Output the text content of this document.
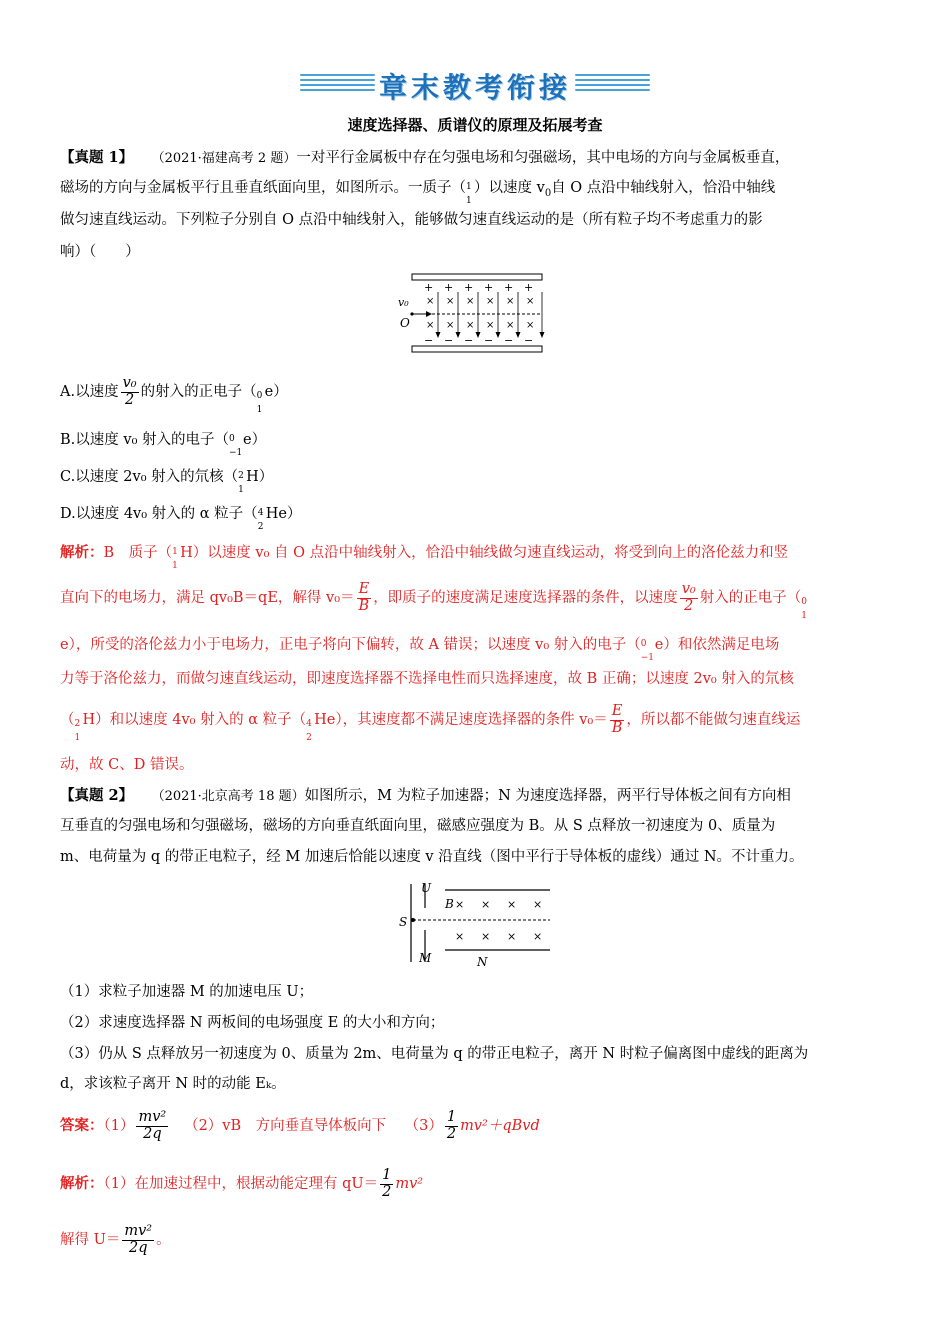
章末教考衔接
速度选择器、质谱仪的原理及拓展考查
【真题 1】 （2021·福建高考 2 题）一对平行金属板中存在匀强电场和匀强磁场，其中电场的方向与金属板垂直，
磁场的方向与金属板平行且垂直纸面向里，如图所示。一质子（ 1
1
）以速度 $v_0$自 O 点沿中轴线射入，恰沿中轴线
做匀速直线运动。下列粒子分别自 O 点沿中轴线射入，能够做匀速直线运动的是（所有粒子均不考虑重力的影
响）（　　）
+
−
+
−
+
−
+
−
+
−
+
−
× × × × × ×
× × × × × ×
v₀
O
A.以速度 $\frac{\text{v₀}}{2}$ 的射入的正电子（ 0
1
e）
B.以速度 v₀ 射入的电子（ 0
−1
e）
C.以速度 2v₀ 射入的氘核（ 2
1
H）
D.以速度 4v₀ 射入的 α 粒子（ 4
2
He）
解析：B　质子（ 1
1
H）以速度 v₀ 自 O 点沿中轴线射入，恰沿中轴线做匀速直线运动，将受到向上的洛伦兹力和竖
直向下的电场力，满足 qv₀B＝qE，解得 $v_0= \frac{E}{B}$ ，即质子的速度满足速度选择器的条件，以速度 $\frac{\text{v₀}}{2}$ 射入的正电子（ 0
1
e），所受的洛伦兹力小于电场力，正电子将向下偏转，故 A 错误；以速度 v₀ 射入的电子（ 0
−1
e）和依然满足电场
力等于洛伦兹力，而做匀速直线运动，即速度选择器不选择电性而只选择速度，故 B 正确；以速度 2v₀ 射入的氘核
（ 2
1
H）和以速度 4v₀ 射入的 α 粒子（ 4
2
He），其速度都不满足速度选择器的条件 $v_0= \frac{E}{B}$ ，所以都不能做匀速直线运
动，故 C、D 错误。
【真题 2】 （2021·北京高考 18 题）如图所示，M 为粒子加速器；N 为速度选择器，两平行导体板之间有方向相
互垂直的匀强电场和匀强磁场，磁场的方向垂直纸面向里，磁感应强度为 B。从 S 点释放一初速度为 0、质量为
m、电荷量为 q 的带正电粒子，经 M 加速后恰能以速度 v 沿直线（图中平行于导体板的虚线）通过 N。不计重力。
U
B
S
M	N
× × × ×
× × × ×
（1）求粒子加速器 M 的加速电压 U；
（2）求速度选择器 N 两板间的电场强度 E 的大小和方向；
（3）仍从 S 点释放另一初速度为 0、质量为 2m、电荷量为 q 的带正电粒子，离开 N 时粒子偏离图中虚线的距离为
d，求该粒子离开 N 时的动能 Eₖ。
答案：$(1) \frac{\text{mv²}}{2q} (2)vB$　方向垂直导体板向下 $(3) \frac{1}{2}$ mv²＋qBvd
解析：（1）在加速过程中，根据动能定理有 $qU= \frac{1}{2} mv^2$
解得 $U= \frac{\text{mv²}}{2q}$ 。
